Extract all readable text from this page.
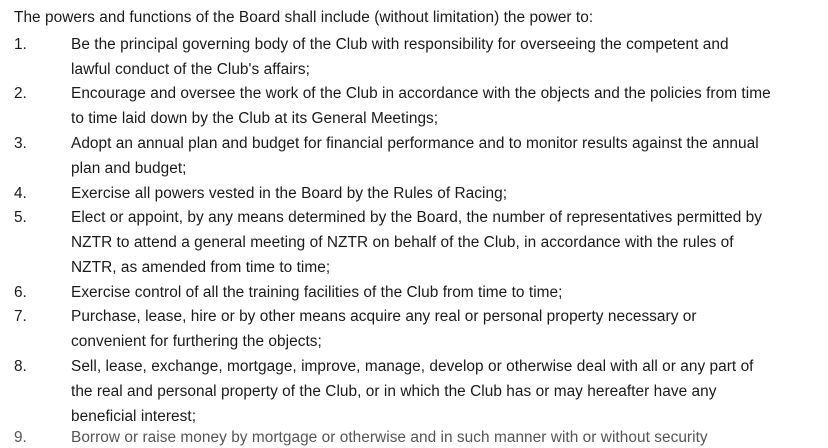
The powers and functions of the Board shall include (without limitation) the power to:
1.	Be the principal governing body of the Club with responsibility for overseeing the competent and lawful conduct of the Club's affairs;
2.	Encourage and oversee the work of the Club in accordance with the objects and the policies from time to time laid down by the Club at its General Meetings;
3.	Adopt an annual plan and budget for financial performance and to monitor results against the annual plan and budget;
4.	Exercise all powers vested in the Board by the Rules of Racing;
5.	Elect or appoint, by any means determined by the Board, the number of representatives permitted by NZTR to attend a general meeting of NZTR on behalf of the Club, in accordance with the rules of NZTR, as amended from time to time;
6.	Exercise control of all the training facilities of the Club from time to time;
7.	Purchase, lease, hire or by other means acquire any real or personal property necessary or convenient for furthering the objects;
8.	Sell, lease, exchange, mortgage, improve, manage, develop or otherwise deal with all or any part of the real and personal property of the Club, or in which the Club has or may hereafter have any beneficial interest;
9.	Borrow or raise money by mortgage or otherwise and in such manner with or without security
